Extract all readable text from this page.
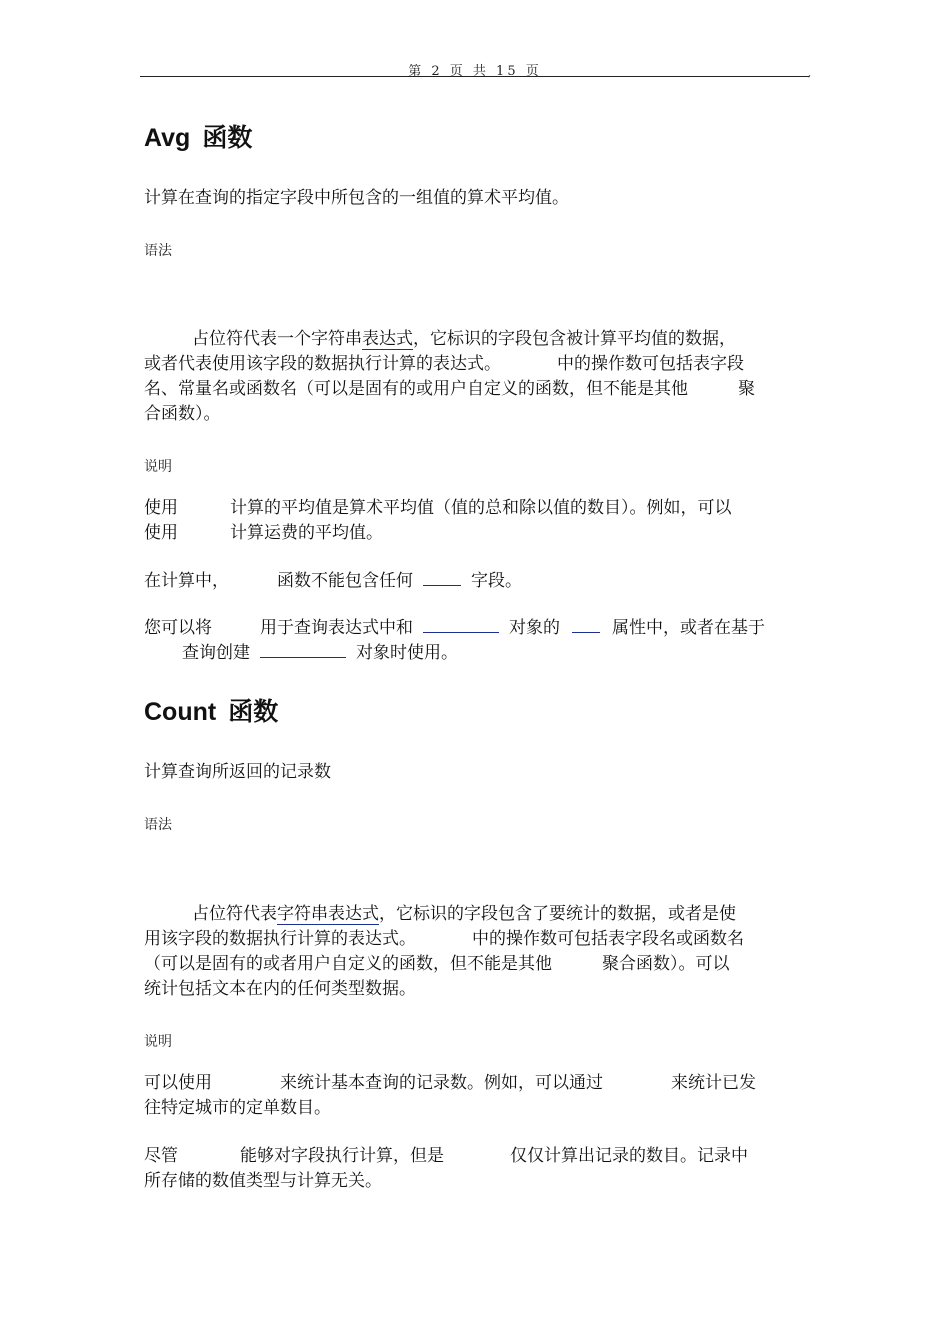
第 2 页 共 15 页	,
Avg 函数
计算在查询的指定字段中所包含的一组值的算术平均值。
语法
占位符代表一个字符串表达式，它标识的字段包含被计算平均值的数据，
或者代表使用该字段的数据执行计算的表达式。	中的操作数可包括表字段
名、常量名或函数名（可以是固有的或用户自定义的函数，但不能是其他	聚
合函数）。
说明
使用	计算的平均值是算术平均值（值的总和除以值的数目）。例如，可以
使用	计算运费的平均值。
在计算中，	函数不能包含任何	字段。
您可以将	用于查询表达式中和	对象的	属性中，或者在基于
查询创建	对象时使用。
Count 函数
计算查询所返回的记录数
语法
占位符代表字符串表达式，它标识的字段包含了要统计的数据，或者是使
用该字段的数据执行计算的表达式。	中的操作数可包括表字段名或函数名
（可以是固有的或者用户自定义的函数，但不能是其他	聚合函数）。可以
统计包括文本在内的任何类型数据。
说明
可以使用	来统计基本查询的记录数。例如，可以通过	来统计已发
往特定城市的定单数目。
尽管	能够对字段执行计算，但是	仅仅计算出记录的数目。记录中
所存储的数值类型与计算无关。
